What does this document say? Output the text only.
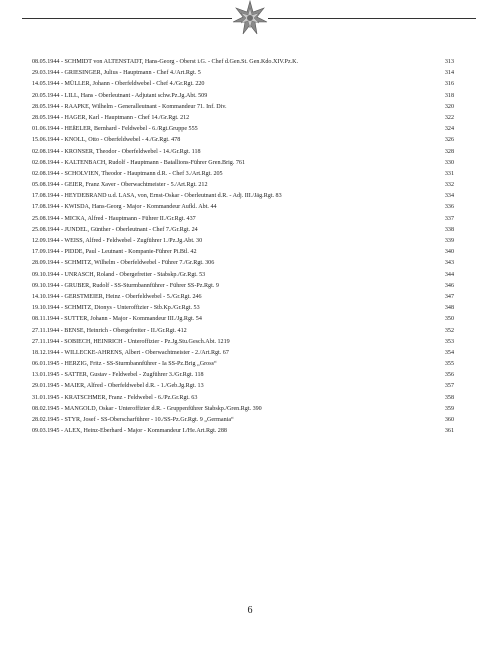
08.05.1944 - SCHMIDT von ALTENSTADT, Hans-Georg - Oberst i.G. - Chef d.Gen.St. Gen.Kdo.XIV.Pz.K.	313
29.03.1944 - GRIESINGER, Julius - Hauptmann - Chef 4./Art.Rgt. 5	314
14.05.1944 - MÜLLER, Johann - Oberfeldwebel - Chef 4./Gr.Rgt. 220	316
20.05.1944 - LILL, Hans - Oberleutnant - Adjutant schw.Pz.Jg.Abt. 509	318
28.05.1944 - RAAPKE, Wilhelm - Generalleutnant - Kommandeur 71. Inf. Div.	320
28.05.1944 - HAGER, Karl - Hauptmann - Chef 14./Gr.Rgt. 212	322
01.06.1944 - HEßELER, Bernhard - Feldwebel - 6./Rgt.Gruppe 555	324
15.06.1944 - KNOLL, Otto - Oberfeldwebel - 4./Gr.Rgt. 478	326
02.08.1944 - KRONSER, Theodor - Oberfeldwebel - 14./Gr.Rgt. 118	328
02.08.1944 - KALTENBACH, Rudolf - Hauptmann - Batallions-Führer Gren.Brig. 761	330
02.08.1944 - SCHOLVIEN, Theodor - Hauptmann d.R. - Chef 3./Art.Rgt. 205	331
05.08.1944 - GEIER, Franz Xaver - Oberwachtmeister - 5./Art.Rgt. 212	332
17.08.1944 - HEYDEBRAND u.d. LASA, von, Ernst-Oskar - Oberleutnant d.R. - Adj. III./Jäg.Rgt. 83	334
17.08.1944 - KWISDA, Hans-Georg - Major - Kommandeur Aufkl. Abt. 44	336
25.08.1944 - MICKA, Alfred - Hauptmann - Führer II./Gr.Rgt. 437	337
25.08.1944 - JUNDEL, Günther - Oberleutnant - Chef 7./Gr.Rgt. 24	338
12.09.1944 - WEISS, Alfred - Feldwebel - Zugführer 1./Pz.Jg.Abt. 30	339
17.09.1944 - PIDDE, Paul - Leutnant - Kompanie-Führer Pi.Btl. 42	340
28.09.1944 - SCHMITZ, Wilhelm - Oberfeldwebel - Führer 7./Gr.Rgt. 306	343
09.10.1944 - UNRASCH, Roland - Obergefreiter - Stabskp./Gr.Rgt. 53	344
09.10.1944 - GRUBER, Rudolf - SS-Sturmbannführer - Führer SS-Pz.Rgt. 9	346
14.10.1944 - GERSTMEIER, Heinz - Oberfeldwebel - 5./Gr.Rgt. 246	347
19.10.1944 - SCHMITZ, Dionys - Unteroffizier - Stb.Kp./Gr.Rgt. 53	348
08.11.1944 - SUTTER, Johann - Major - Kommandeur III./Jg.Rgt. 54	350
27.11.1944 - BENSE, Heinrich - Obergefreiter - II./Gr.Rgt. 412	352
27.11.1944 - SOBIECH, HEINRICH - Unteroffizier - Pz.Jg.Stu.Gesch.Abt. 1219	353
18.12.1944 - WILLECKE-AHRENS, Albert - Oberwachtmeister - 2./Art.Rgt. 67	354
06.01.1945 - HERZIG, Fritz - SS-Sturmbannführer - Ia SS-Pz.Brig „Gross“	355
13.01.1945 - SATTER, Gustav - Feldwebel - Zugführer 3./Gr.Rgt. 118	356
29.01.1945 - MAIER, Alfred - Oberfeldwebel d.R. - 1./Geb.Jg.Rgt. 13	357
31.01.1945 - KRATSCHMER, Franz - Feldwebel - 6./Pz.Gr.Rgt. 63	358
08.02.1945 - MANGOLD, Oskar - Unteroffizier d.R. - Gruppenführer Stabskp./Gren.Rgt. 390	359
28.02.1945 - STYR, Josef - SS-Oberscharführer - 10./SS-Pz.Gr.Rgt. 9 „Germania“	360
09.03.1945 - ALEX, Heinz-Eberhard - Major - Kommandeur I./He.Art.Rgt. 288	361
6
